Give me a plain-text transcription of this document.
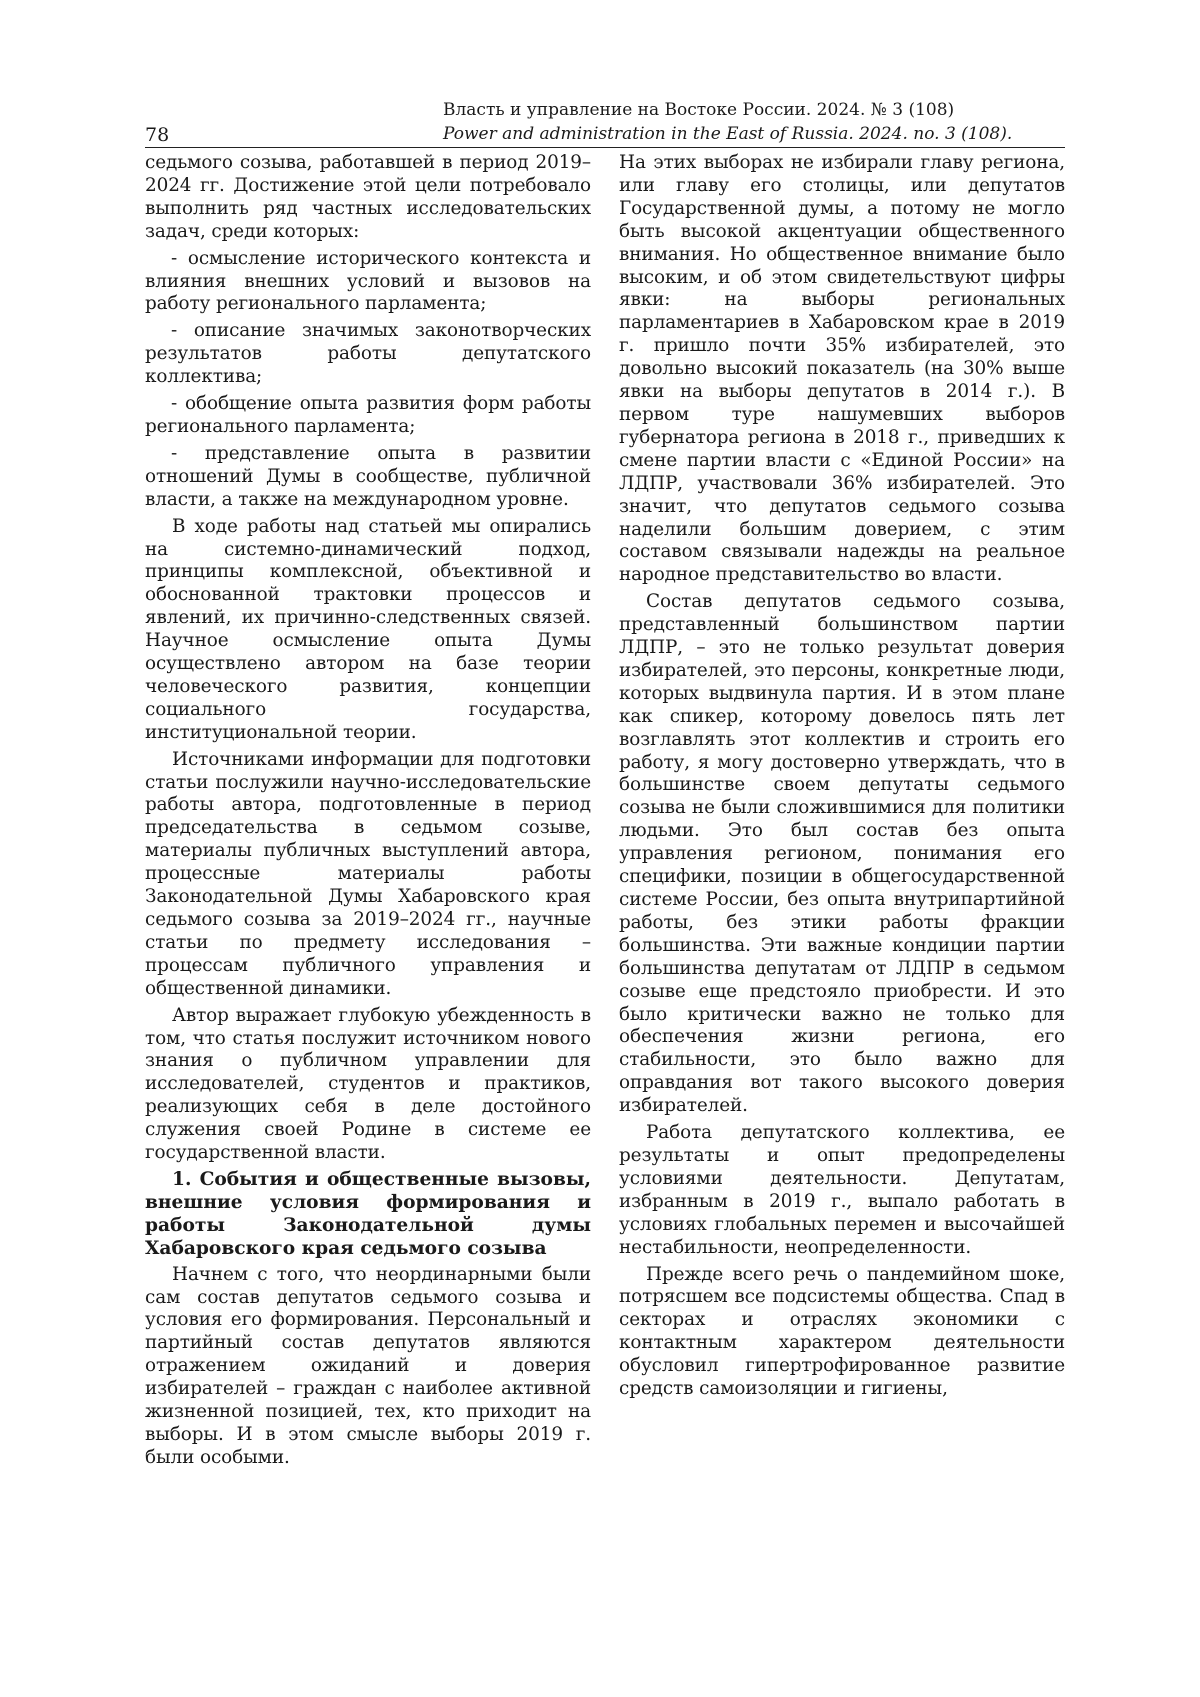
78
Власть и управление на Востоке России. 2024. № 3 (108)
Power and administration in the East of Russia. 2024. no. 3 (108).

седьмого созыва, работавшей в период 2019–2024 гг. Достижение этой цели потребовало выполнить ряд частных исследовательских задач, среди которых:

- осмысление исторического контекста и влияния внешних условий и вызовов на работу регионального парламента;

- описание значимых законотворческих результатов работы депутатского коллектива;

- обобщение опыта развития форм работы регионального парламента;

- представление опыта в развитии отношений Думы в сообществе, публичной власти, а также на международном уровне.

В ходе работы над статьей мы опирались на системно-динамический подход, принципы комплексной, объективной и обоснованной трактовки процессов и явлений, их причинно-следственных связей. Научное осмысление опыта Думы осуществлено автором на базе теории человеческого развития, концепции социального государства, институциональной теории.

Источниками информации для подготовки статьи послужили научно-исследовательские работы автора, подготовленные в период председательства в седьмом созыве, материалы публичных выступлений автора, процессные материалы работы Законодательной Думы Хабаровского края седьмого созыва за 2019–2024 гг., научные статьи по предмету исследования – процессам публичного управления и общественной динамики.

Автор выражает глубокую убежденность в том, что статья послужит источником нового знания о публичном управлении для исследователей, студентов и практиков, реализующих себя в деле достойного служения своей Родине в системе ее государственной власти.

1. События и общественные вызовы, внешние условия формирования и работы Законодательной думы Хабаровского края седьмого созыва

Начнем с того, что неординарными были сам состав депутатов седьмого созыва и условия его формирования. Персональный и партийный состав депутатов являются отражением ожиданий и доверия избирателей – граждан с наиболее активной жизненной позицией, тех, кто приходит на выборы. И в этом смысле выборы 2019 г. были особыми.

На этих выборах не избирали главу региона, или главу его столицы, или депутатов Государственной думы, а потому не могло быть высокой акцентуации общественного внимания. Но общественное внимание было высоким, и об этом свидетельствуют цифры явки: на выборы региональных парламентариев в Хабаровском крае в 2019 г. пришло почти 35% избирателей, это довольно высокий показатель (на 30% выше явки на выборы депутатов в 2014 г.). В первом туре нашумевших выборов губернатора региона в 2018 г., приведших к смене партии власти с «Единой России» на ЛДПР, участвовали 36% избирателей. Это значит, что депутатов седьмого созыва наделили большим доверием, с этим составом связывали надежды на реальное народное представительство во власти.

Состав депутатов седьмого созыва, представленный большинством партии ЛДПР, – это не только результат доверия избирателей, это персоны, конкретные люди, которых выдвинула партия. И в этом плане как спикер, которому довелось пять лет возглавлять этот коллектив и строить его работу, я могу достоверно утверждать, что в большинстве своем депутаты седьмого созыва не были сложившимися для политики людьми. Это был состав без опыта управления регионом, понимания его специфики, позиции в общегосударственной системе России, без опыта внутрипартийной работы, без этики работы фракции большинства. Эти важные кондиции партии большинства депутатам от ЛДПР в седьмом созыве еще предстояло приобрести. И это было критически важно не только для обеспечения жизни региона, его стабильности, это было важно для оправдания вот такого высокого доверия избирателей.

Работа депутатского коллектива, ее результаты и опыт предопределены условиями деятельности. Депутатам, избранным в 2019 г., выпало работать в условиях глобальных перемен и высочайшей нестабильности, неопределенности.

Прежде всего речь о пандемийном шоке, потрясшем все подсистемы общества. Спад в секторах и отраслях экономики с контактным характером деятельности обусловил гипертрофированное развитие средств самоизоляции и гигиены,
